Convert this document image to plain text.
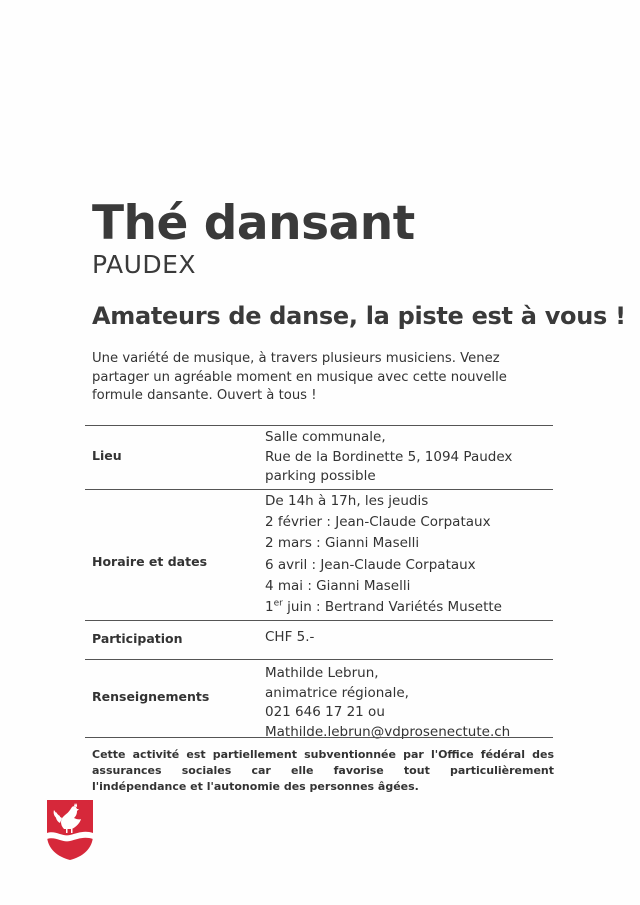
Thé dansant
PAUDEX
Amateurs de danse, la piste est à vous !

Une variété de musique, à travers plusieurs musiciens. Venez partager un agréable moment en musique avec cette nouvelle formule dansante. Ouvert à tous !

Lieu
Salle communale,
Rue de la Bordinette 5, 1094 Paudex
parking possible
Horaire et dates
De 14h à 17h, les jeudis
2 février : Jean-Claude Corpataux
2 mars : Gianni Maselli
6 avril : Jean-Claude Corpataux
4 mai : Gianni Maselli
1er juin : Bertrand Variétés Musette
Participation	CHF 5.-
Renseignements
Mathilde Lebrun,
animatrice régionale,
021 646 17 21 ou
Mathilde.lebrun@vdprosenectute.ch

Cette activité est partiellement subventionnée par l'Office fédéral des assurances sociales car elle favorise tout particulièrement l'indépendance et l'autonomie des personnes âgées.
